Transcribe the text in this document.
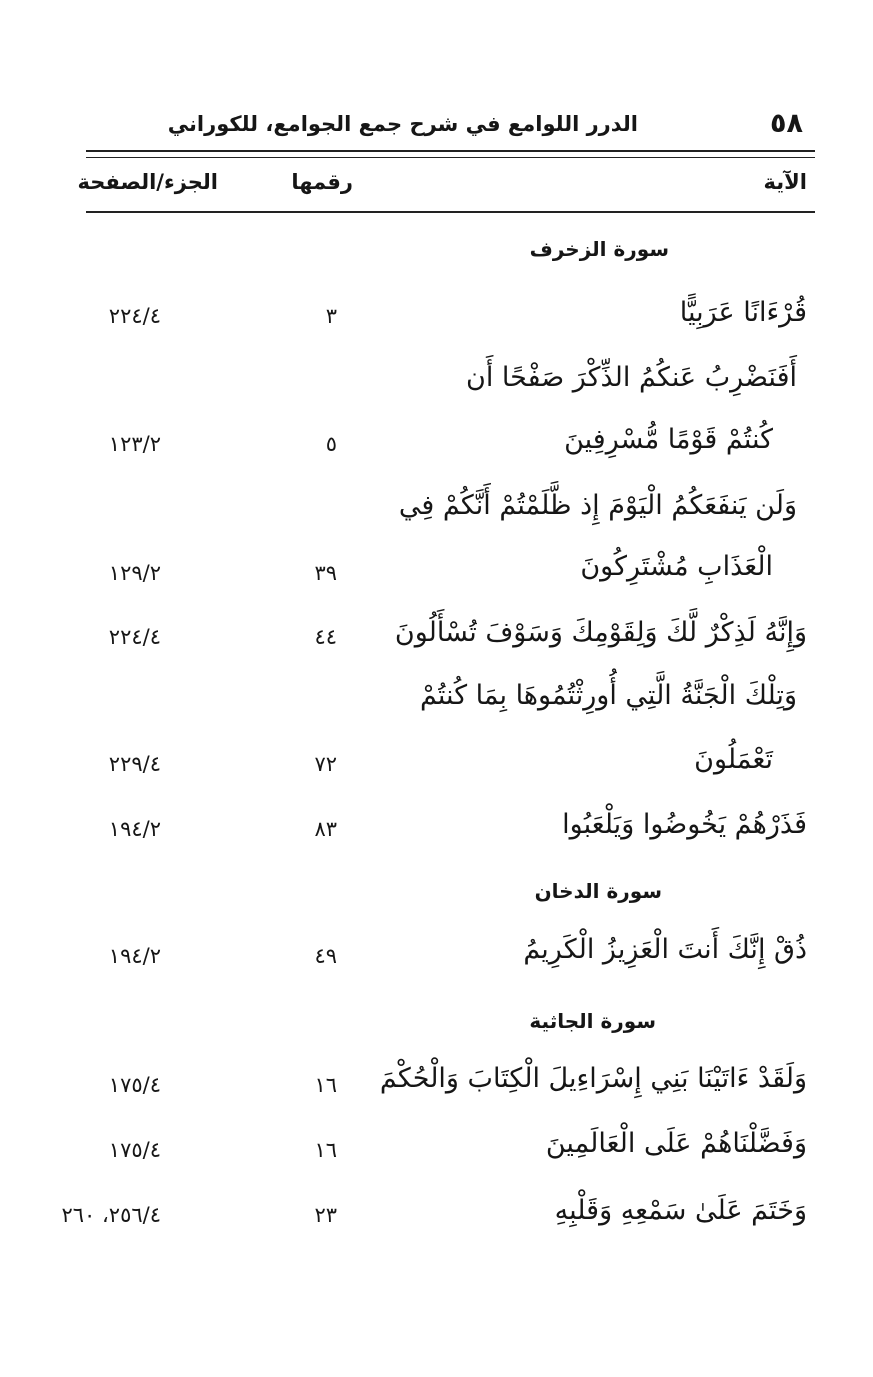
٥٨
الدرر اللوامع في شرح جمع الجوامع، للكوراني
الآية
رقمها
الجزء/الصفحة
سورة الزخرف
قُرْءَانًا عَرَبِيًّا
٣
٢٢٤/٤
أَفَنَضْرِبُ عَنكُمُ الذِّكْرَ صَفْحًا أَن
كُنتُمْ قَوْمًا مُّسْرِفِينَ
٥
١٢٣/٢
وَلَن يَنفَعَكُمُ الْيَوْمَ إِذ ظَّلَمْتُمْ أَنَّكُمْ فِي
الْعَذَابِ مُشْتَرِكُونَ
٣٩
١٢٩/٢
وَإِنَّهُ لَذِكْرٌ لَّكَ وَلِقَوْمِكَ وَسَوْفَ تُسْأَلُونَ
٤٤
٢٢٤/٤
وَتِلْكَ الْجَنَّةُ الَّتِي أُورِثْتُمُوهَا بِمَا كُنتُمْ
تَعْمَلُونَ
٧٢
٢٢٩/٤
فَذَرْهُمْ يَخُوضُوا وَيَلْعَبُوا
٨٣
١٩٤/٢
سورة الدخان
ذُقْ إِنَّكَ أَنتَ الْعَزِيزُ الْكَرِيمُ
٤٩
١٩٤/٢
سورة الجاثية
وَلَقَدْ ءَاتَيْنَا بَنِي إِسْرَاءِيلَ الْكِتَابَ وَالْحُكْمَ
١٦
١٧٥/٤
وَفَضَّلْنَاهُمْ عَلَى الْعَالَمِينَ
١٦
١٧٥/٤
وَخَتَمَ عَلَىٰ سَمْعِهِ وَقَلْبِهِ
٢٣
٢٥٦/٤، ٢٦٠
